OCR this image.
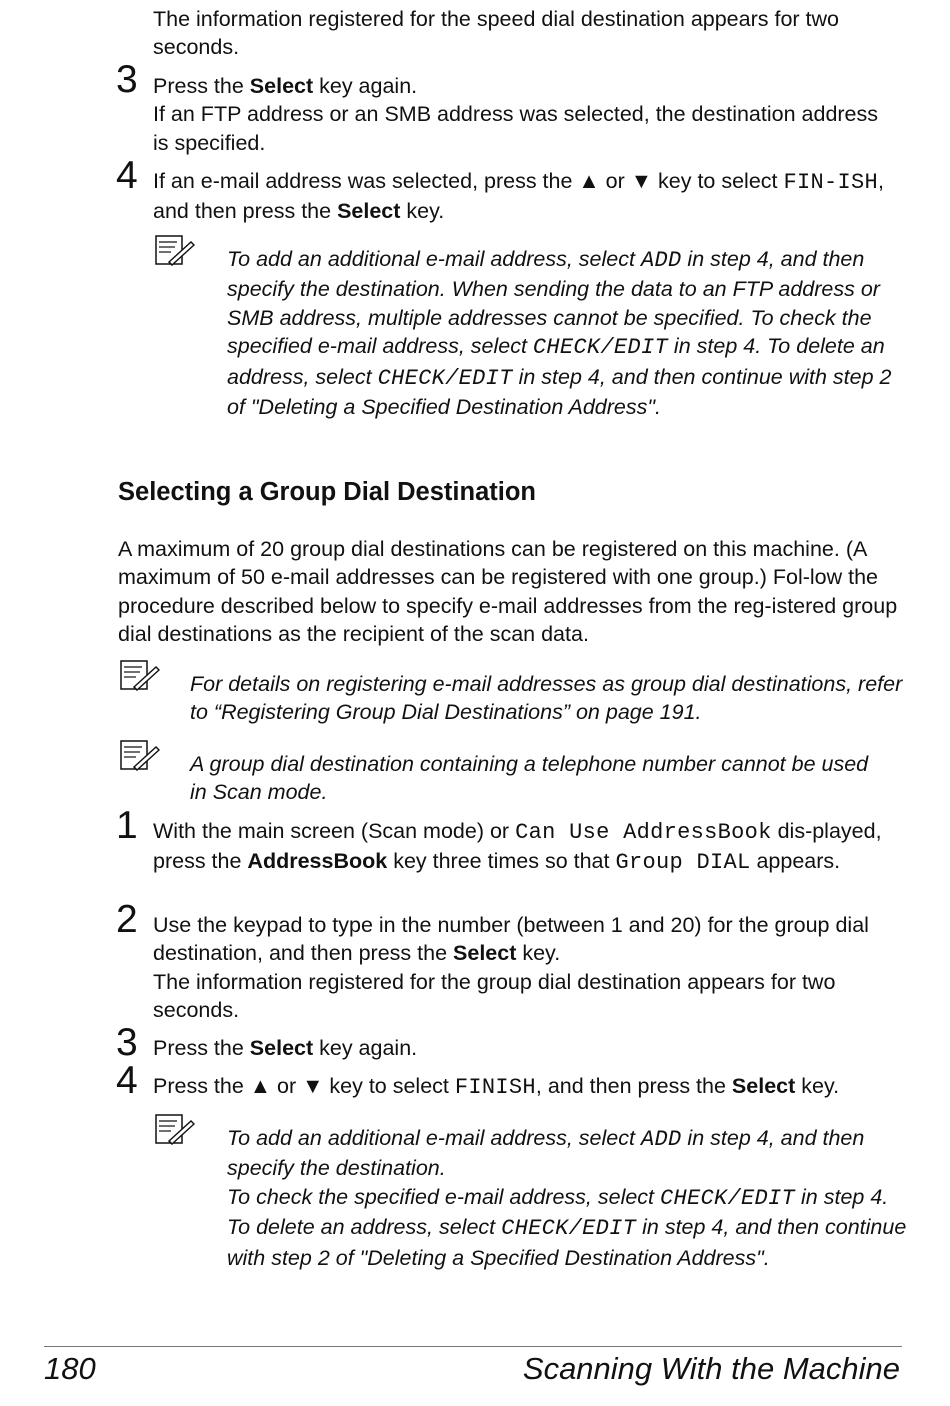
The information registered for the speed dial destination appears for two seconds.

3 Press the Select key again.

If an FTP address or an SMB address was selected, the destination address is specified.

4 If an e-mail address was selected, press the ▲ or ▼ key to select FIN-ISH, and then press the Select key.

To add an additional e-mail address, select ADD in step 4, and then specify the destination. When sending the data to an FTP address or SMB address, multiple addresses cannot be specified. To check the specified e-mail address, select CHECK/EDIT in step 4. To delete an address, select CHECK/EDIT in step 4, and then continue with step 2 of "Deleting a Specified Destination Address".

Selecting a Group Dial Destination

A maximum of 20 group dial destinations can be registered on this machine. (A maximum of 50 e-mail addresses can be registered with one group.) Fol-low the procedure described below to specify e-mail addresses from the reg-istered group dial destinations as the recipient of the scan data.

For details on registering e-mail addresses as group dial destinations, refer to “Registering Group Dial Destinations” on page 191.

A group dial destination containing a telephone number cannot be used in Scan mode.

1 With the main screen (Scan mode) or Can Use AddressBook dis-played, press the AddressBook key three times so that Group DIAL appears.

2 Use the keypad to type in the number (between 1 and 20) for the group dial destination, and then press the Select key.

The information registered for the group dial destination appears for two seconds.

3 Press the Select key again.

4 Press the ▲ or ▼ key to select FINISH, and then press the Select key.

To add an additional e-mail address, select ADD in step 4, and then specify the destination.

To check the specified e-mail address, select CHECK/EDIT in step 4. To delete an address, select CHECK/EDIT in step 4, and then continue with step 2 of "Deleting a Specified Destination Address".

180	Scanning With the Machine
